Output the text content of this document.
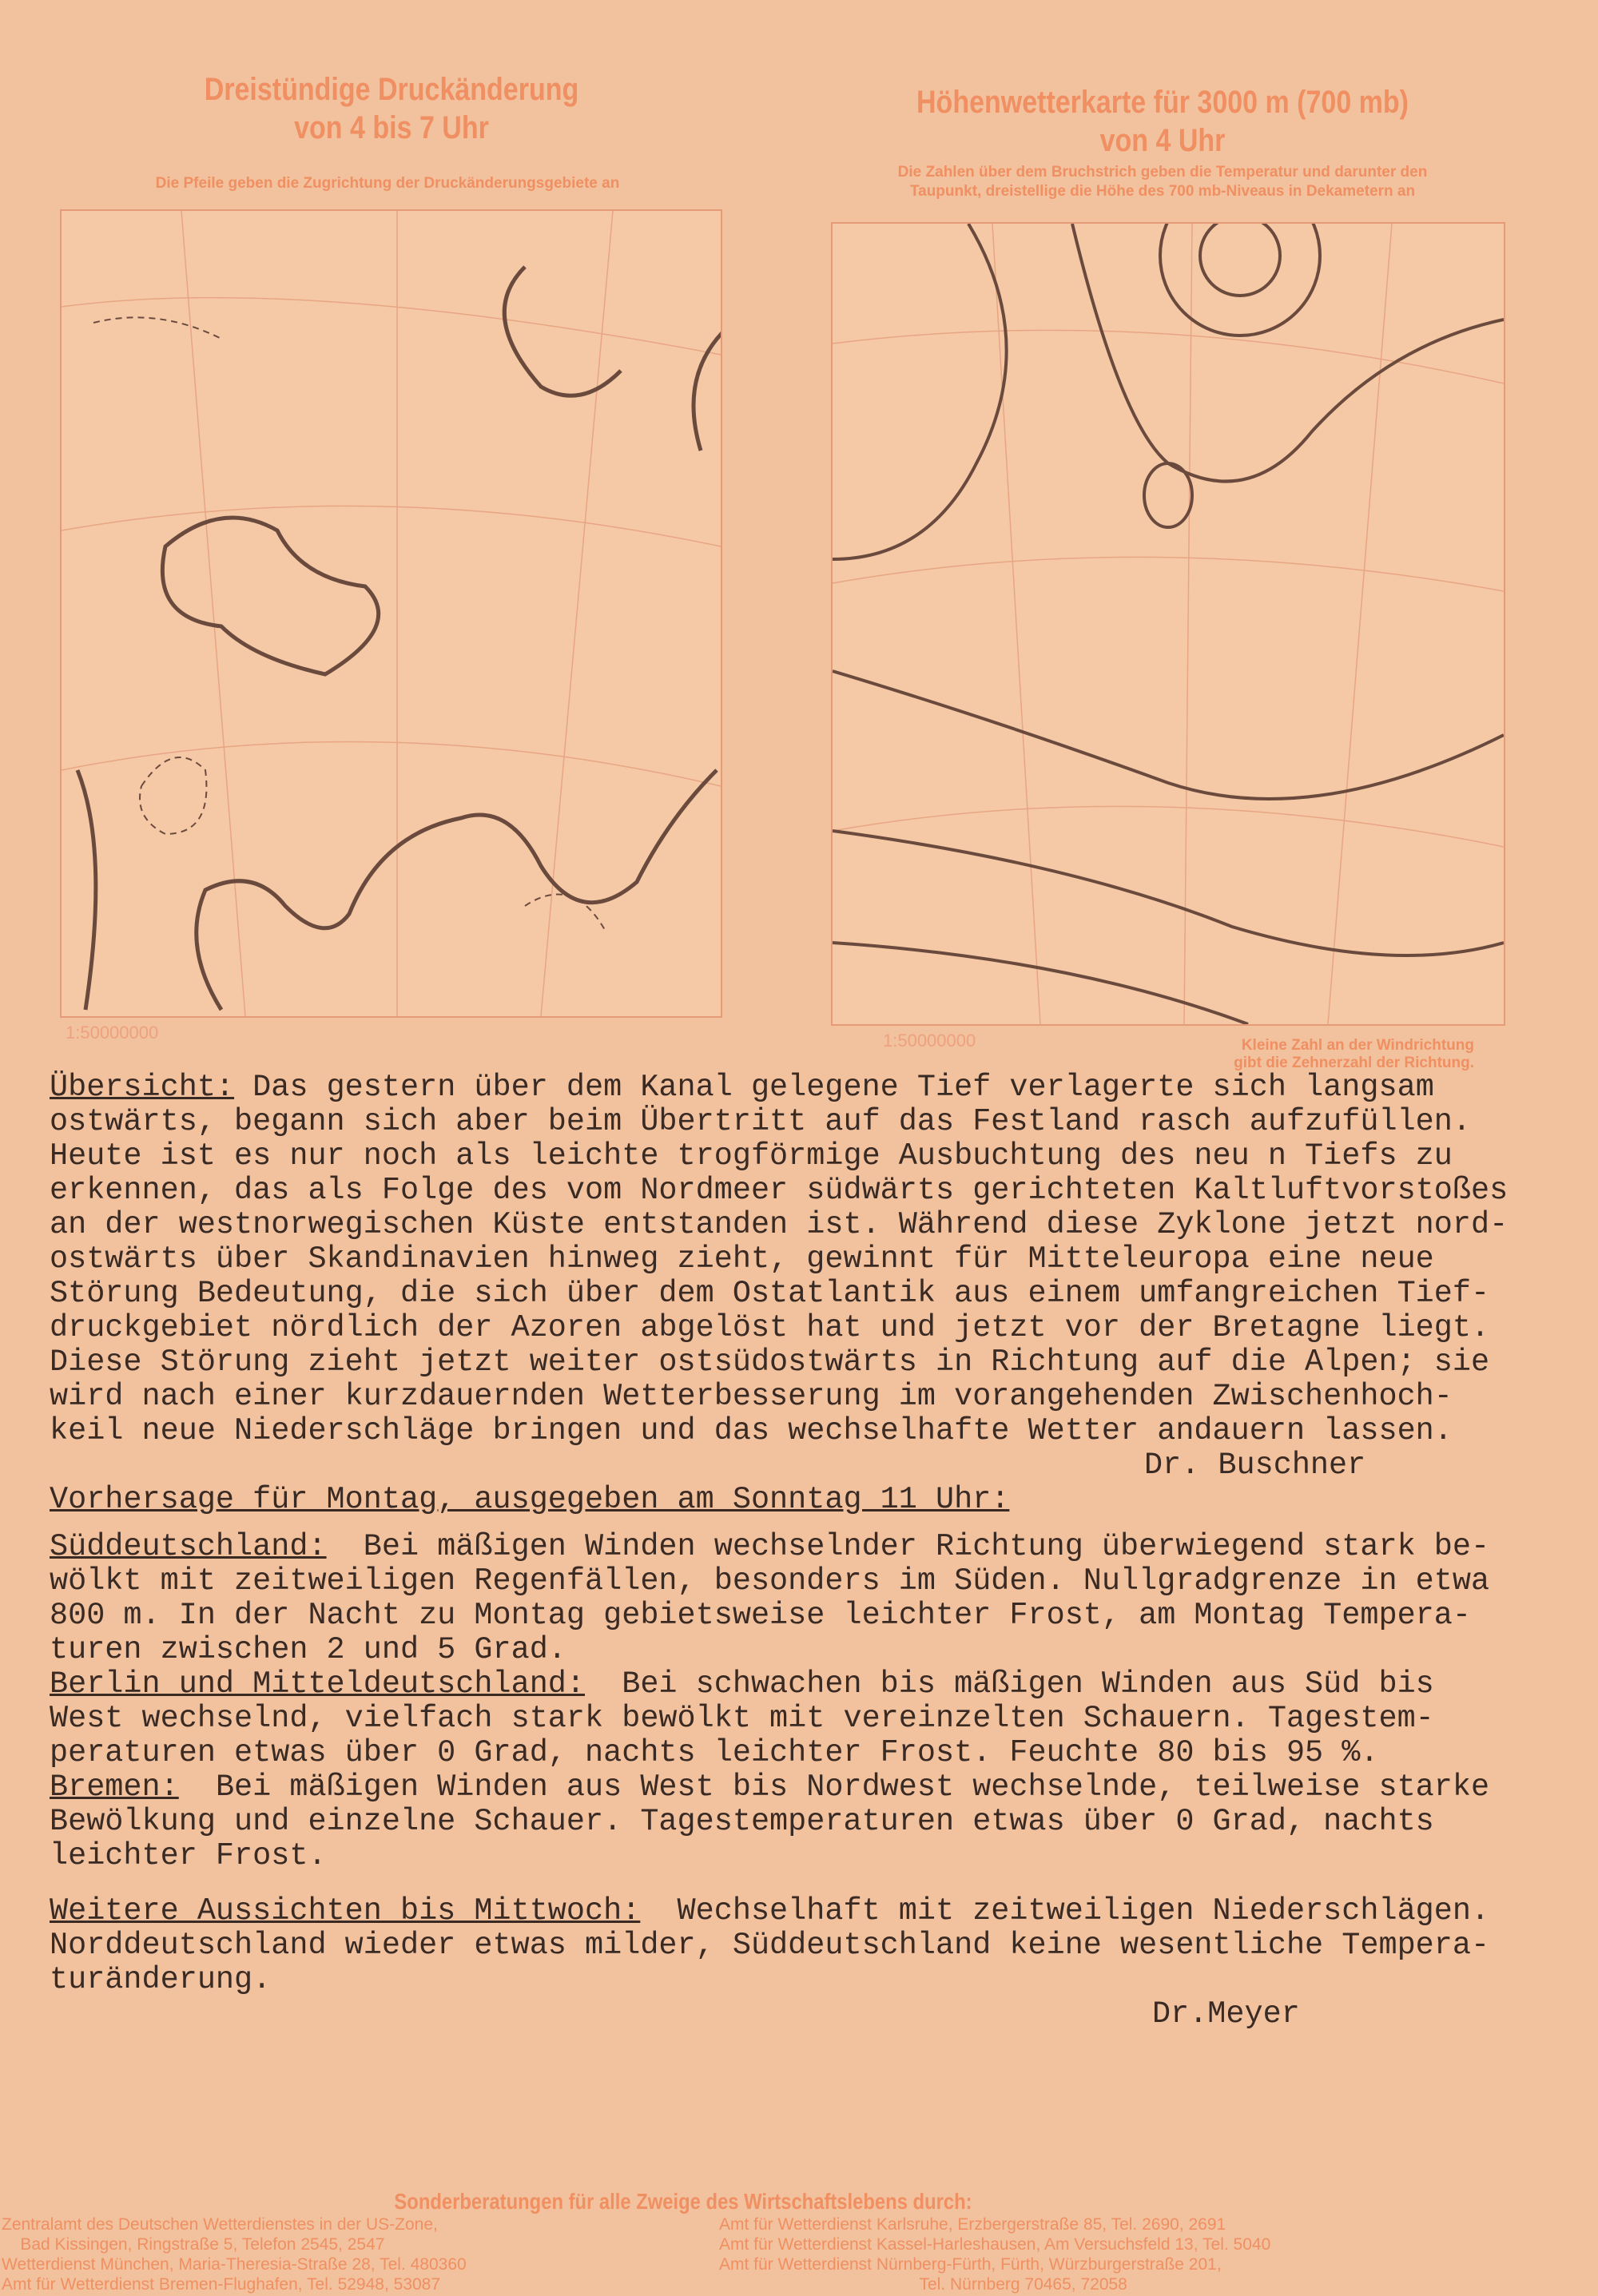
Dreistündige Druckänderung
von 4 bis 7 Uhr
Die Pfeile geben die Zugrichtung der Druckänderungsgebiete an
Höhenwetterkarte für 3000 m (700 mb)
von 4 Uhr
Die Zahlen über dem Bruchstrich geben die Temperatur und darunter den
Taupunkt, dreistellige die Höhe des 700 mb-Niveaus in Dekametern an
1:50000000	1:50000000	Kleine Zahl an der Windrichtung
gibt die Zehnerzahl der Richtung.
Übersicht: Das gestern über dem Kanal gelegene Tief verlagerte sich langsam
ostwärts, begann sich aber beim Übertritt auf das Festland rasch aufzufüllen.
Heute ist es nur noch als leichte trogförmige Ausbuchtung des neu n Tiefs zu
erkennen, das als Folge des vom Nordmeer südwärts gerichteten Kaltluftvorstoßes
an der westnorwegischen Küste entstanden ist. Während diese Zyklone jetzt nord-
ostwärts über Skandinavien hinweg zieht, gewinnt für Mitteleuropa eine neue
Störung Bedeutung, die sich über dem Ostatlantik aus einem umfangreichen Tief-
druckgebiet nördlich der Azoren abgelöst hat und jetzt vor der Bretagne liegt.
Diese Störung zieht jetzt weiter ostsüdostwärts in Richtung auf die Alpen; sie
wird nach einer kurzdauernden Wetterbesserung im vorangehenden Zwischenhoch-
keil neue Niederschläge bringen und das wechselhafte Wetter andauern lassen.
Dr. Buschner
Vorhersage für Montag, ausgegeben am Sonntag 11 Uhr:
Süddeutschland:  Bei mäßigen Winden wechselnder Richtung überwiegend stark be-
wölkt mit zeitweiligen Regenfällen, besonders im Süden. Nullgradgrenze in etwa
800 m. In der Nacht zu Montag gebietsweise leichter Frost, am Montag Tempera-
turen zwischen 2 und 5 Grad.
Berlin und Mitteldeutschland:  Bei schwachen bis mäßigen Winden aus Süd bis
West wechselnd, vielfach stark bewölkt mit vereinzelten Schauern. Tagestem-
peraturen etwas über 0 Grad, nachts leichter Frost. Feuchte 80 bis 95 %.
Bremen:  Bei mäßigen Winden aus West bis Nordwest wechselnde, teilweise starke
Bewölkung und einzelne Schauer. Tagestemperaturen etwas über 0 Grad, nachts
leichter Frost.
Weitere Aussichten bis Mittwoch:  Wechselhaft mit zeitweiligen Niederschlägen.
Norddeutschland wieder etwas milder, Süddeutschland keine wesentliche Tempera-
turänderung.
Dr.Meyer
Sonderberatungen für alle Zweige des Wirtschaftslebens durch:
Zentralamt des Deutschen Wetterdienstes in der US-Zone,
Bad Kissingen, Ringstraße 5, Telefon 2545, 2547
Wetterdienst München, Maria-Theresia-Straße 28, Tel. 480360
Amt für Wetterdienst Bremen-Flughafen, Tel. 52948, 53087
Amt für Wetterdienst Karlsruhe, Erzbergerstraße 85, Tel. 2690, 2691
Amt für Wetterdienst Kassel-Harleshausen, Am Versuchsfeld 13, Tel. 5040
Amt für Wetterdienst Nürnberg-Fürth, Fürth, Würzburgerstraße 201,
Tel. Nürnberg 70465, 72058
